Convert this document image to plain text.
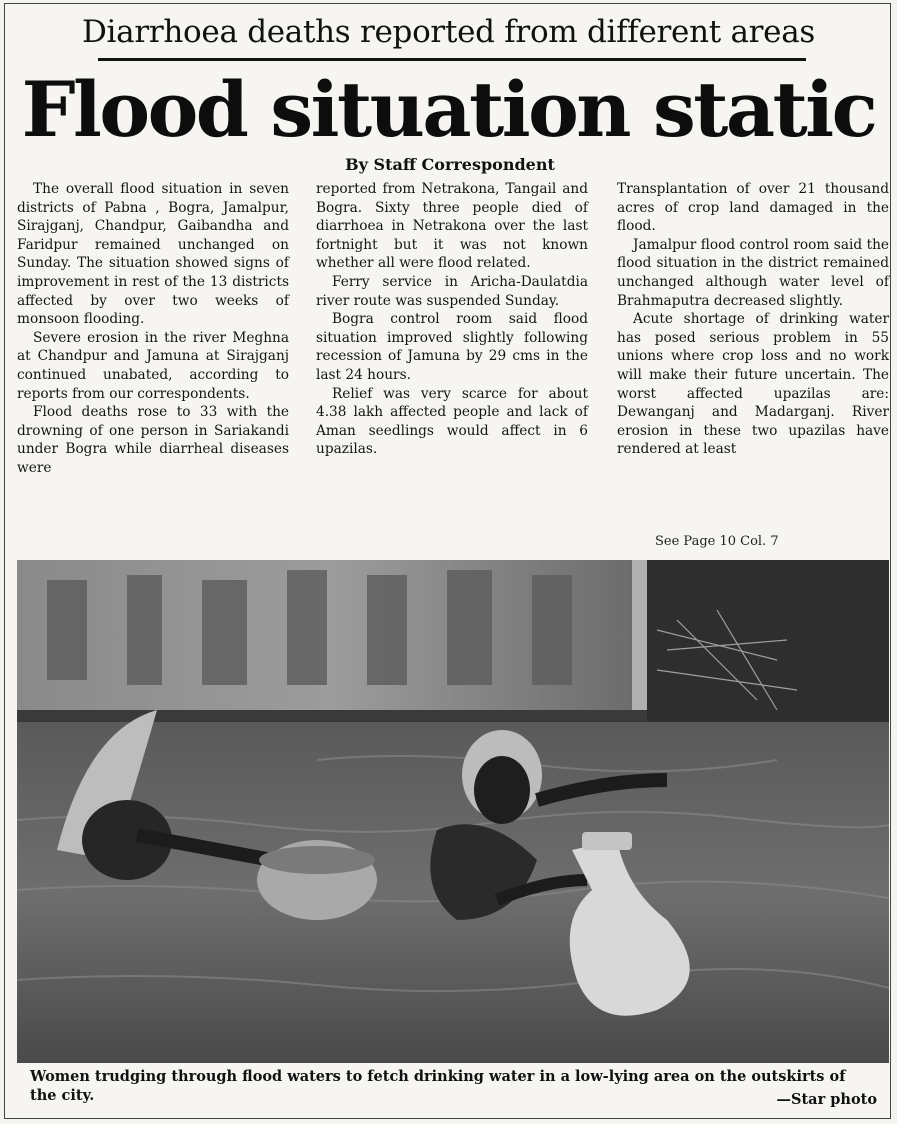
Diarrhoea deaths reported from different areas
Flood situation static
By Staff Correspondent

The overall flood situation in seven districts of Pabna , Bogra, Jamalpur, Sirajganj, Chandpur, Gaibandha and Faridpur remained unchanged on Sunday. The situation showed signs of improvement in rest of the 13 districts affected by over two weeks of monsoon flooding.

Severe erosion in the river Meghna at Chandpur and Jamuna at Sirajganj continued unabated, according to reports from our correspondents.

Flood deaths rose to 33 with the drowning of one person in Sariakandi under Bogra while diarrheal diseases were

reported from Netrakona, Tangail and Bogra. Sixty three people died of diarrhoea in Netrakona over the last fortnight but it was not known whether all were flood related.

Ferry service in Aricha-Daulatdia river route was suspended Sunday.

Bogra control room said flood situation improved slightly following recession of Jamuna by 29 cms in the last 24 hours.

Relief was very scarce for about 4.38 lakh affected people and lack of Aman seedlings would affect in 6 upazilas.

Transplantation of over 21 thousand acres of crop land damaged in the flood.

Jamalpur flood control room said the flood situation in the district remained unchanged although water level of Brahmaputra decreased slightly.

Acute shortage of drinking water has posed serious problem in 55 unions where crop loss and no work will make their future uncertain. The worst affected upazilas are: Dewanganj and Madarganj. River erosion in these two upazilas have rendered at least

See Page 10 Col. 7
Women trudging through flood waters to fetch drinking water in a low-lying area on the outskirts of the city.	—Star photo
